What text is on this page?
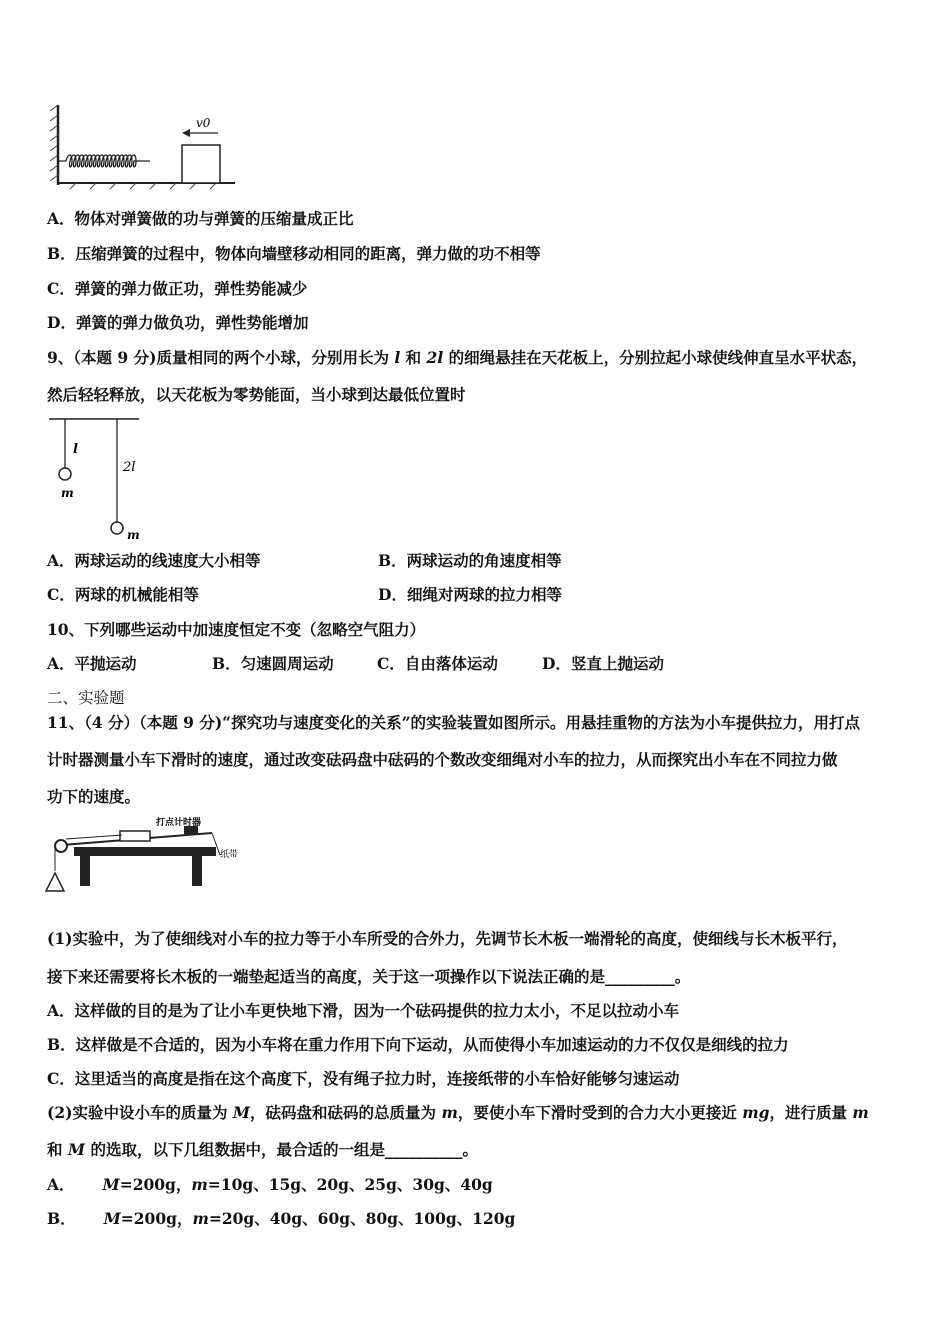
v0
A．物体对弹簧做的功与弹簧的压缩量成正比
B．压缩弹簧的过程中，物体向墙壁移动相同的距离，弹力做的功不相等
C．弹簧的弹力做正功，弹性势能减少
D．弹簧的弹力做负功，弹性势能增加
9、（本题 9 分)质量相同的两个小球，分别用长为 l 和 2l 的细绳悬挂在天花板上，分别拉起小球使线伸直呈水平状态，
然后轻轻释放，以天花板为零势能面，当小球到达最低位置时
l
2l
m
m
A．两球运动的线速度大小相等	B．两球运动的角速度相等
C．两球的机械能相等	D．细绳对两球的拉力相等
10、下列哪些运动中加速度恒定不变（忽略空气阻力）
A．平抛运动	B．匀速圆周运动	C．自由落体运动	D．竖直上抛运动
二、实验题
11、（4 分）（本题 9 分)“探究功与速度变化的关系”的实验装置如图所示。用悬挂重物的方法为小车提供拉力，用打点
计时器测量小车下滑时的速度，通过改变砝码盘中砝码的个数改变细绳对小车的拉力，从而探究出小车在不同拉力做
功下的速度。
打点计时器
纸带
(1)实验中，为了使细线对小车的拉力等于小车所受的合外力，先调节长木板一端滑轮的高度，使细线与长木板平行，
接下来还需要将长木板的一端垫起适当的高度，关于这一项操作以下说法正确的是_________。
A．这样做的目的是为了让小车更快地下滑，因为一个砝码提供的拉力太小，不足以拉动小车
B．这样做是不合适的，因为小车将在重力作用下向下运动，从而使得小车加速运动的力不仅仅是细线的拉力
C．这里适当的高度是指在这个高度下，没有绳子拉力时，连接纸带的小车恰好能够匀速运动
(2)实验中设小车的质量为 M，砝码盘和砝码的总质量为 m，要使小车下滑时受到的合力大小更接近 mg，进行质量 m
和 M 的选取，以下几组数据中，最合适的一组是__________。
A． M=200g，m=10g、15g、20g、25g、30g、40g
B． M=200g，m=20g、40g、60g、80g、100g、120g
